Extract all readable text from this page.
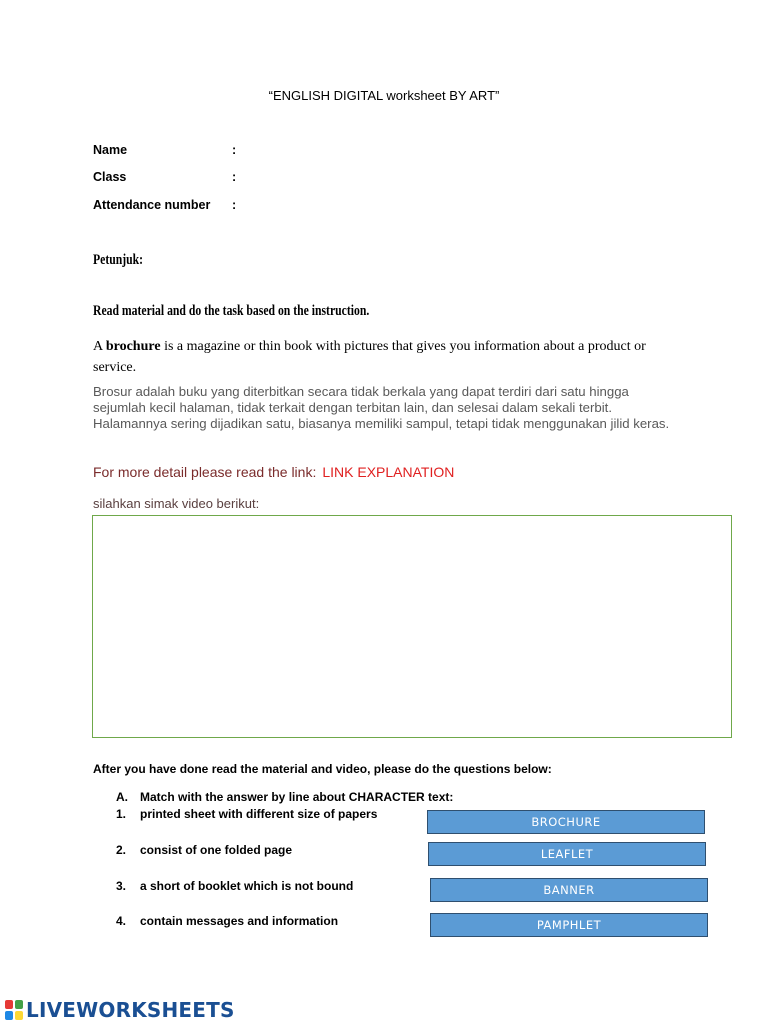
“ENGLISH DIGITAL worksheet BY ART”
Name	:
Class	:
Attendance number :
Petunjuk:
Read material and do the task based on the instruction.
A brochure is a magazine or thin book with pictures that gives you information about a product or service.
Brosur adalah buku yang diterbitkan secara tidak berkala yang dapat terdiri dari satu hingga sejumlah kecil halaman, tidak terkait dengan terbitan lain, dan selesai dalam sekali terbit. Halamannya sering dijadikan satu, biasanya memiliki sampul, tetapi tidak menggunakan jilid keras.
For more detail please read the link: LINK EXPLANATION
silahkan simak video berikut:
After you have done read the material and video, please do the questions below:
A. Match with the answer by line about CHARACTER text:
1. printed sheet with different size of papers
2. consist of one folded page
3. a short of booklet which is not bound
4. contain messages and information
BROCHURE
LEAFLET
BANNER
PAMPHLET
LIVEWORKSHEETS
